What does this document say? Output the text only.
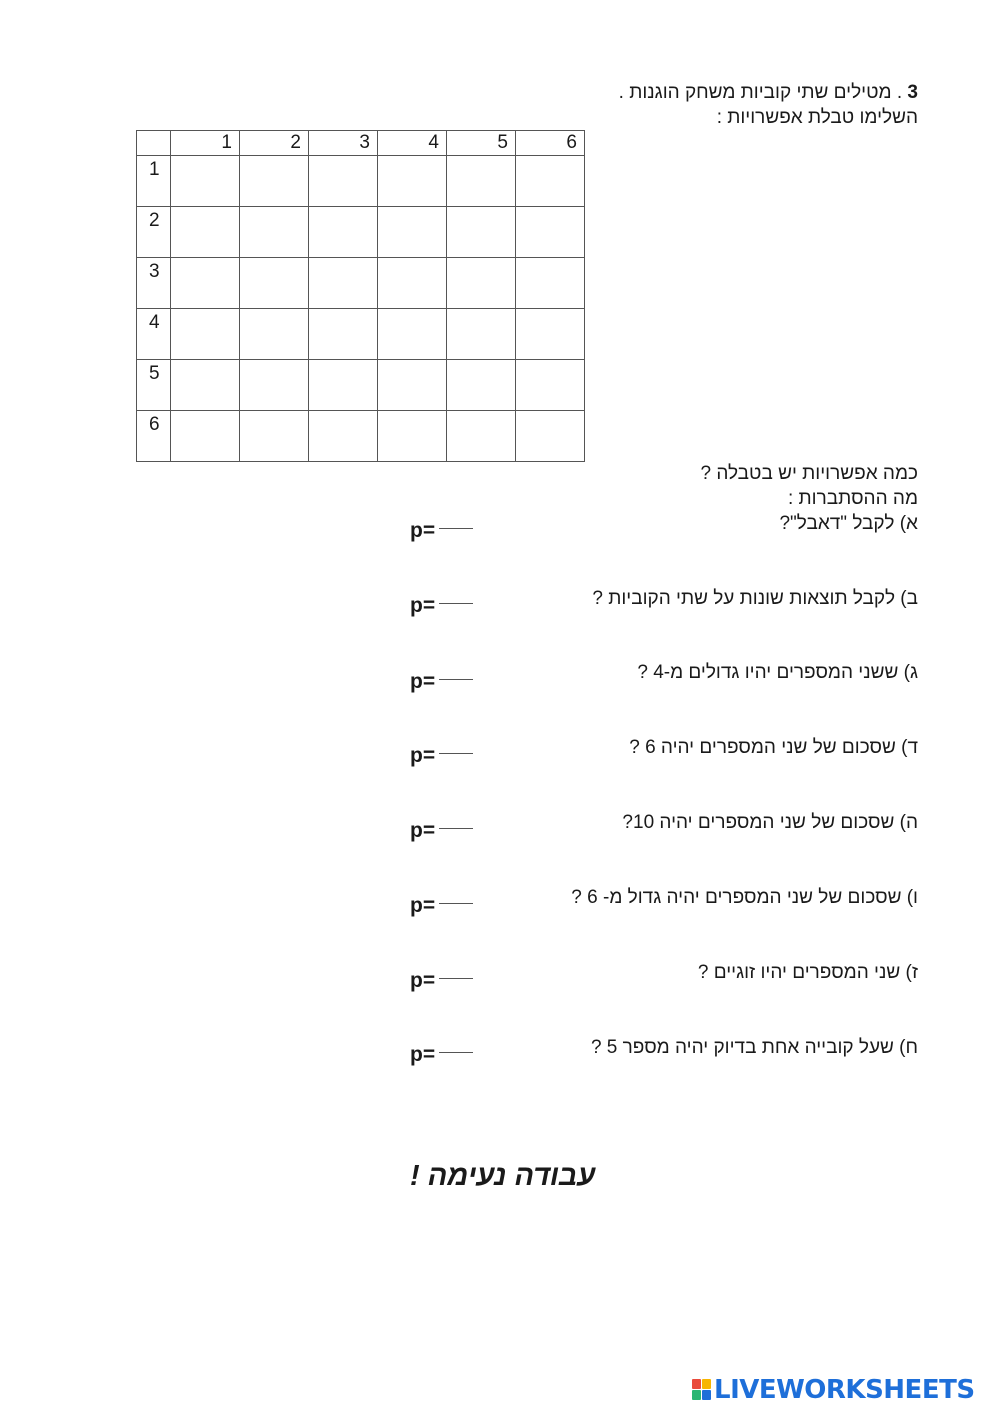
3 . מטילים שתי קוביות משחק הוגנות .
השלימו טבלת אפשרויות :
	1	2	3	4	5	6
1						
2						
3						
4						
5						
6						
כמה אפשרויות יש בטבלה ?
מה ההסתברות :
א) לקבל "דאבל"?
p=
ב) לקבל תוצאות שונות על שתי הקוביות ?
p=
ג) ששני המספרים יהיו גדולים מ-4 ?
p=
ד) שסכום של שני המספרים יהיה 6 ?
p=
ה) שסכום של שני המספרים יהיה 10?
p=
ו) שסכום של שני המספרים יהיה גדול מ- 6 ?
p=
ז) שני המספרים יהיו זוגיים ?
p=
ח) שעל קובייה אחת בדיוק יהיה מספר 5 ?
p=
עבודה נעימה !
LIVEWORKSHEETS
